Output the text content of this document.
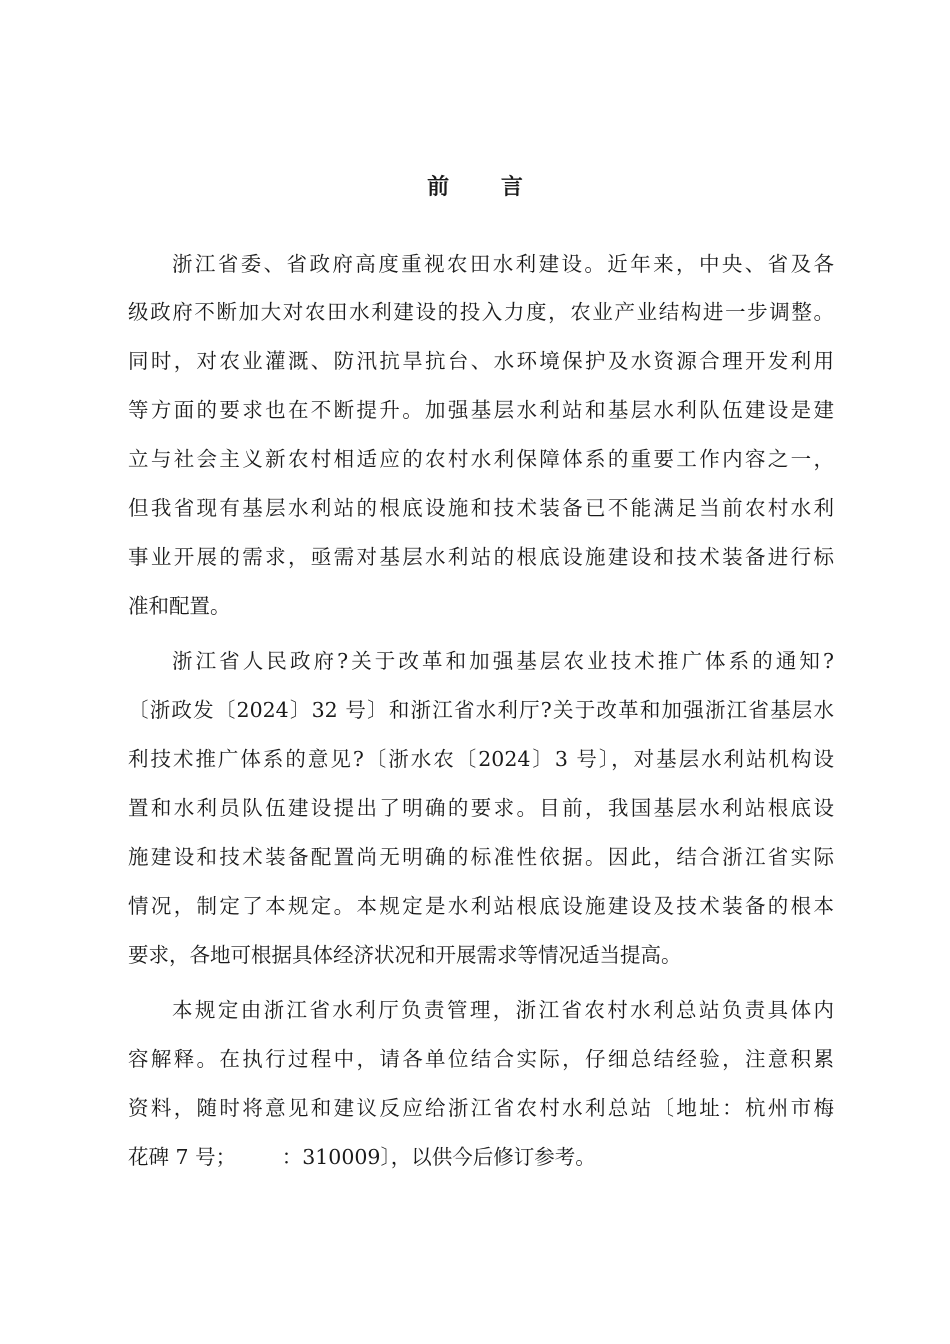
前 言
浙江省委、省政府高度重视农田水利建设。近年来，中央、省及各
级政府不断加大对农田水利建设的投入力度，农业产业结构进一步调整。
同时，对农业灌溉、防汛抗旱抗台、水环境保护及水资源合理开发利用
等方面的要求也在不断提升。加强基层水利站和基层水利队伍建设是建
立与社会主义新农村相适应的农村水利保障体系的重要工作内容之一，
但我省现有基层水利站的根底设施和技术装备已不能满足当前农村水利
事业开展的需求，亟需对基层水利站的根底设施建设和技术装备进行标
准和配置。
浙江省人民政府?关于改革和加强基层农业技术推广体系的通知?
〔浙政发〔2024〕32 号〕和浙江省水利厅?关于改革和加强浙江省基层水
利技术推广体系的意见?〔浙水农〔2024〕3 号〕，对基层水利站机构设
置和水利员队伍建设提出了明确的要求。目前，我国基层水利站根底设
施建设和技术装备配置尚无明确的标准性依据。因此，结合浙江省实际
情况，制定了本规定。本规定是水利站根底设施建设及技术装备的根本
要求，各地可根据具体经济状况和开展需求等情况适当提高。
本规定由浙江省水利厅负责管理，浙江省农村水利总站负责具体内
容解释。在执行过程中，请各单位结合实际，仔细总结经验，注意积累
资料，随时将意见和建议反应给浙江省农村水利总站〔地址：杭州市梅
花碑 7 号；       ：310009〕，以供今后修订参考。
